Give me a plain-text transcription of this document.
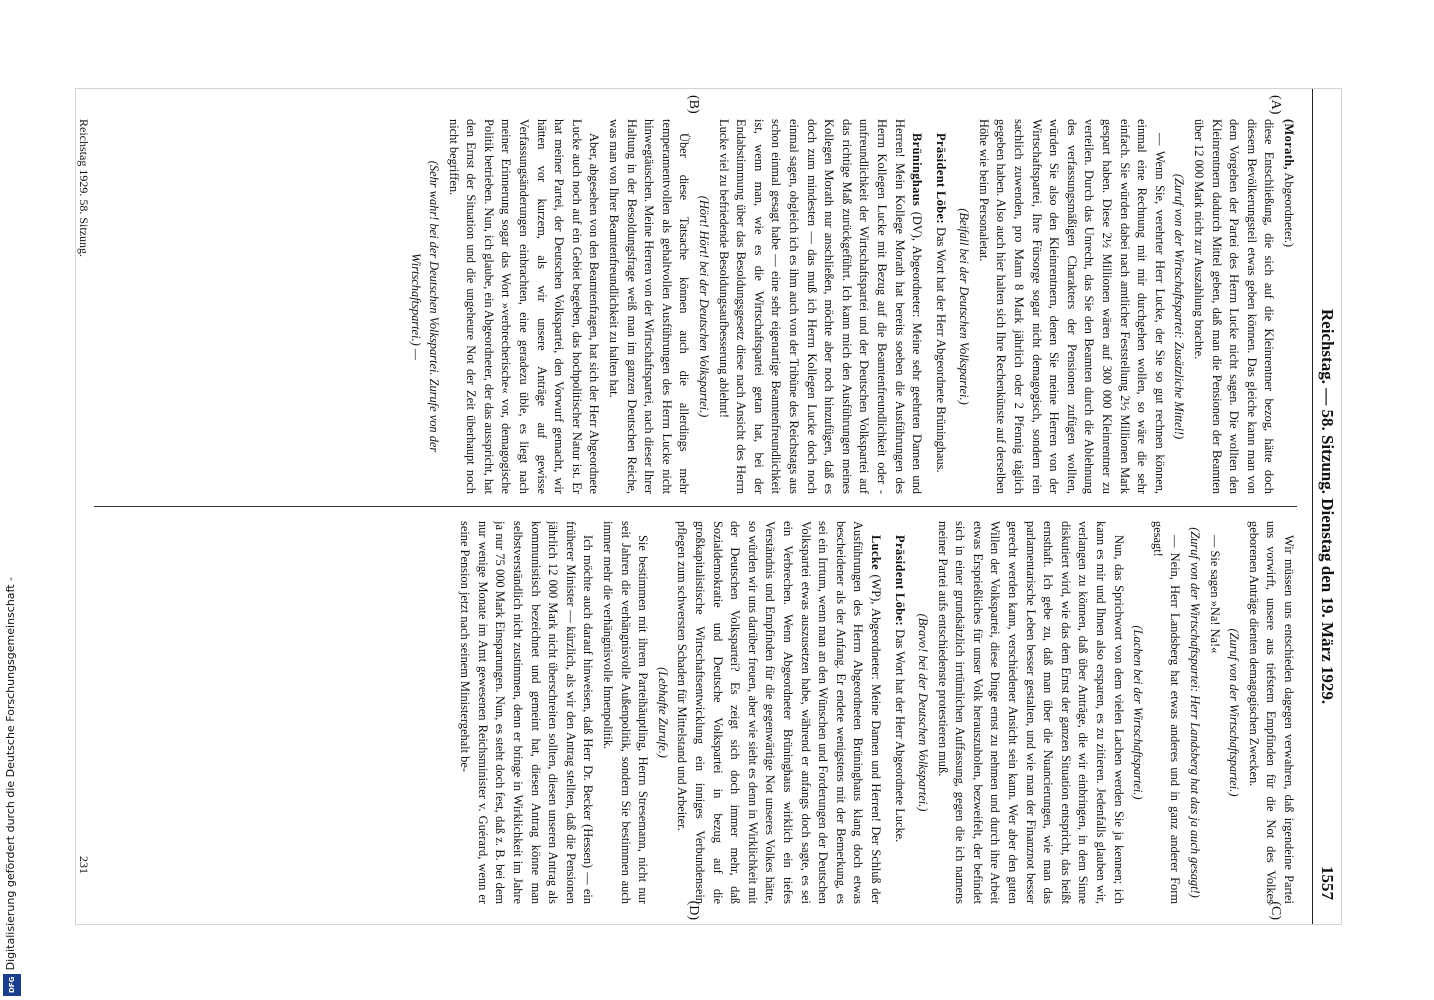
Digitalisierung gefördert durch die Deutsche Forschungsgemeinschaft -
DFG
Reichstag. — 58. Sitzung. Dienstag den 19. März 1929.
1557

(Morath, Abgeordneter.)

diese Entschließung, die sich auf die Kleinrentner bezog, hätte doch diesem Bevölkerungsteil etwas geben können. Das gleiche kann man von dem Vorgehen der Partei des Herrn Lucke nicht sagen. Die wollten den Kleinrentnern dadurch Mittel geben, daß man die Pensionen der Beamten über 12 000 Mark nicht zur Auszahlung brachte.

(Zuruf von der Wirtschaftspartei: Zusätzliche Mittel!)

— Wenn Sie, verehrter Herr Lucke, der Sie so gut rechnen können, einmal eine Rechnung mit mir durchgehen wollen, so wäre die sehr einfach. Sie würden dabei nach amtlicher Feststellung 2½ Millionen Mark gespart haben. Diese 2½ Millionen wären auf 300 000 Kleinrentner zu verteilen. Durch das Unrecht, das Sie den Beamten durch die Ablehnung des verfassungsmäßigen Charakters der Pensionen zufügen wollten, würden Sie also den Kleinrentnern, denen Sie meine Herren von der Wirtschaftspartei, Ihre Fürsorge sogar nicht demagogisch, sondern rein sachlich zuwenden, pro Mann 8 Mark jährlich oder 2 Pfennig täglich gegeben haben. Also auch hier halten sich Ihre Rechenkünste auf derselben Höhe wie beim Personaletat.

(Beifall bei der Deutschen Volkspartei.)

Präsident Löbe: Das Wort hat der Herr Abgeordnete Brüninghaus.

Brüninghaus (DV), Abgeordneter: Meine sehr geehrten Damen und Herren! Mein Kollege Morath hat bereits soeben die Ausführungen des Herrn Kollegen Lucke mit Bezug auf die Beamtenfreundlichkeit oder -unfreundlichkeit der Wirtschaftspartei und der Deutschen Volkspartei auf das richtige Maß zurückgeführt. Ich kann mich den Ausführungen meines Kollegen Morath nur anschließen, möchte aber noch hinzufügen, daß es doch zum mindesten — das muß ich Herrn Kollegen Lucke doch noch einmal sagen, obgleich ich es ihm auch von der Tribüne des Reichstags aus schon einmal gesagt habe — eine sehr eigenartige Beamtenfreundlichkeit ist, wenn man, wie es die Wirtschaftspartei getan hat, bei der Endabstimmung über das Besoldungsgesetz diese nach Ansicht des Herrn Lucke viel zu befriedende Besoldungsaufbesserung ablehnt!

(Hört! Hört! bei der Deutschen Volkspartei.)

Über diese Tatsache können auch die allerdings mehr temperamentvollen als gehaltvollen Ausführungen des Herrn Lucke nicht hinwegtäuschen. Meine Herren von der Wirtschaftspartei, nach dieser Ihrer Haltung in der Besoldungsfrage weiß man im ganzen Deutschen Reiche, was man von Ihrer Beamtenfreundlichkeit zu halten hat.

Aber, abgesehen von den Beamtenfragen, hat sich der Herr Abgeordnete Lucke auch noch auf ein Gebiet begeben, das hochpolitischer Natur ist. Er hat meiner Partei, der Deutschen Volkspartei, den Vorwurf gemacht, wir hätten vor kurzem, als wir unsere Anträge auf gewisse Verfassungsänderungen einbrachten, eine geradezu üble, es liegt nach meiner Erinnerung sogar das Wort »verbrecherische« vor, demagogische Politik betrieben. Nun, ich glaube, ein Abgeordneter, der das ausspricht, hat den Ernst der Situation und die ungeheure Not der Zeit überhaupt noch nicht begriffen.

(Sehr wahr! bei der Deutschen Volkspartei. Zurufe von der Wirtschaftspartei.) —

Wir müssen uns entschieden dagegen verwahren, daß irgendeine Partei uns vorwirft, unsere aus tiefstem Empfinden für die Not des Volkes geborenen Anträge dienten demagogischen Zwecken.

(Zuruf von der Wirtschaftspartei.)

— Sie sagen »Na! Na!«

(Zuruf von der Wirtschaftspartei: Herr Landsberg hat das ja auch gesagt!)

— Nein, Herr Landsberg hat etwas anderes und in ganz anderer Form gesagt!

(Lachen bei der Wirtschaftspartei.)

Nun, das Sprichwort von dem vielen Lachen werden Sie ja kennen; ich kann es mir und Ihnen also ersparen, es zu zitieren. Jedenfalls glauben wir, verlangen zu können, daß über Anträge, die wir einbringen, in dem Sinne diskutiert wird, wie das dem Ernst der ganzen Situation entspricht, das heißt ernsthaft. Ich gebe zu, daß man über die Nuancierungen, wie man das parlamentarische Leben besser gestalten, und wie man der Finanznot besser gerecht werden kann, verschiedener Ansicht sein kann. Wer aber den guten Willen der Volkspartei, diese Dinge ernst zu nehmen und durch ihre Arbeit etwas Ersprießliches für unser Volk herauszuholen, bezweifelt, der befindet sich in einer grundsätzlich irrtümlichen Auffassung, gegen die ich namens meiner Partei aufs entschiedenste protestieren muß.

(Bravo! bei der Deutschen Volkspartei.)

Präsident Löbe: Das Wort hat der Herr Abgeordnete Lucke.

Lucke (WP), Abgeordneter: Meine Damen und Herren! Der Schluß der Ausführungen des Herrn Abgeordneten Brüninghaus klang doch etwas bescheidener als der Anfang. Er endete wenigstens mit der Bemerkung, es sei ein Irrtum, wenn man an den Wünschen und Forderungen der Deutschen Volkspartei etwas auszusetzen habe, während er anfangs doch sagte, es sei ein Verbrechen. Wenn Abgeordneter Brüninghaus wirklich ein tiefes Verständnis und Empfinden für die gegenwärtige Not unseres Volkes hätte, so würden wir uns darüber freuen, aber wie sieht es denn in Wirklichkeit mit der Deutschen Volkspartei? Es zeigt sich doch immer mehr, daß Sozialdemokratie und Deutsche Volkspartei in bezug auf die großkapitalistische Wirtschaftsentwicklung ein inniges Verbundensein pflegen zum schwersten Schaden für Mittelstand und Arbeiter.

(Lebhafte Zurufe.)

Sie bestimmen mit ihrem Parteihäuptling, Herrn Stresemann, nicht nur seit Jahren die verhängnisvolle Außenpolitik, sondern Sie bestimmen auch immer mehr die verhängnisvolle Innenpolitik.

Ich möchte auch darauf hinweisen, daß Herr Dr. Becker (Hessen) — ein früherer Minister — kürzlich, als wir den Antrag stellten, daß die Pensionen jährlich 12 000 Mark nicht überschreiten sollten, diesen unseren Antrag als kommunistisch bezeichnet und gemeint hat, diesen Antrag könne man selbstverständlich nicht zustimmen, denn er bringe in Wirklichkeit im Jahre ja nur 75 000 Mark Einsparungen. Nun, es steht doch fest, daß z. B. bei dem nur wenige Monate im Amt gewesenen Reichsminister v. Guérard, wenn er seine Pension jetzt nach seinem Ministergehalt be-

(A)
(B)
(C)
(D)
Reichstag 1929. 58. Sitzung.
231
